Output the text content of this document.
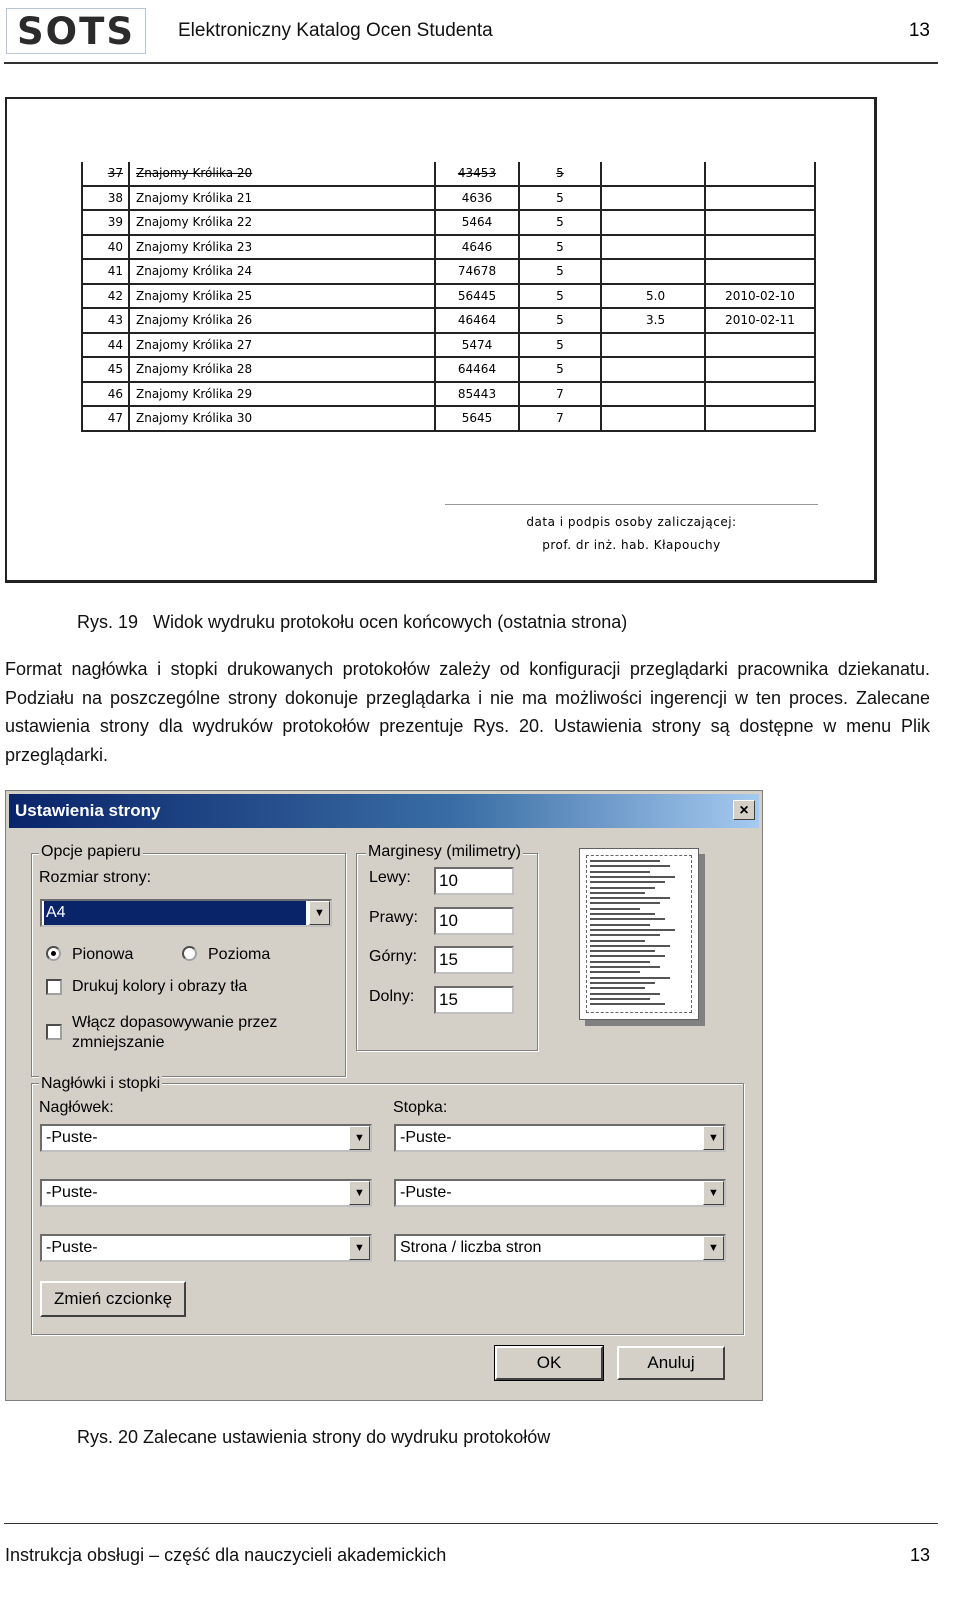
SOTS Elektroniczny Katalog Ocen Studenta	13
37	Znajomy Królika 20	43453	5		
38	Znajomy Królika 21	4636	5		
39	Znajomy Królika 22	5464	5		
40	Znajomy Królika 23	4646	5		
41	Znajomy Królika 24	74678	5		
42	Znajomy Królika 25	56445	5	5.0	2010-02-10
43	Znajomy Królika 26	46464	5	3.5	2010-02-11
44	Znajomy Królika 27	5474	5		
45	Znajomy Królika 28	64464	5		
46	Znajomy Królika 29	85443	7		
47	Znajomy Królika 30	5645	7		
data i podpis osoby zaliczającej:
prof. dr inż. hab. Kłapouchy
Rys. 19   Widok wydruku protokołu ocen końcowych (ostatnia strona)
Format nagłówka i stopki drukowanych protokołów zależy od konfiguracji przeglądarki pracownika dziekanatu. Podziału na poszczególne strony dokonuje przeglądarka i nie ma możliwości ingerencji w ten proces. Zalecane ustawienia strony dla wydruków protokołów prezentuje Rys. 20. Ustawienia strony są dostępne w menu Plik przeglądarki.
Ustawienia strony	×
Opcje papieru
Rozmiar strony:
A4	▼
Pionowa	Pozioma
Drukuj kolory i obrazy tła
Włącz dopasowywanie przez
zmniejszanie
Marginesy (milimetry)
Lewy: 10
Prawy: 10
Górny: 15
Dolny: 15
Nagłówki i stopki
Nagłówek:	Stopka:
-Puste-	▼
-Puste-	▼
-Puste-	▼
-Puste-	▼
-Puste-	▼
Strona / liczba stron	▼
Zmień czcionkę
OK	Anuluj
Rys. 20 Zalecane ustawienia strony do wydruku protokołów
Instrukcja obsługi – część dla nauczycieli akademickich	13
